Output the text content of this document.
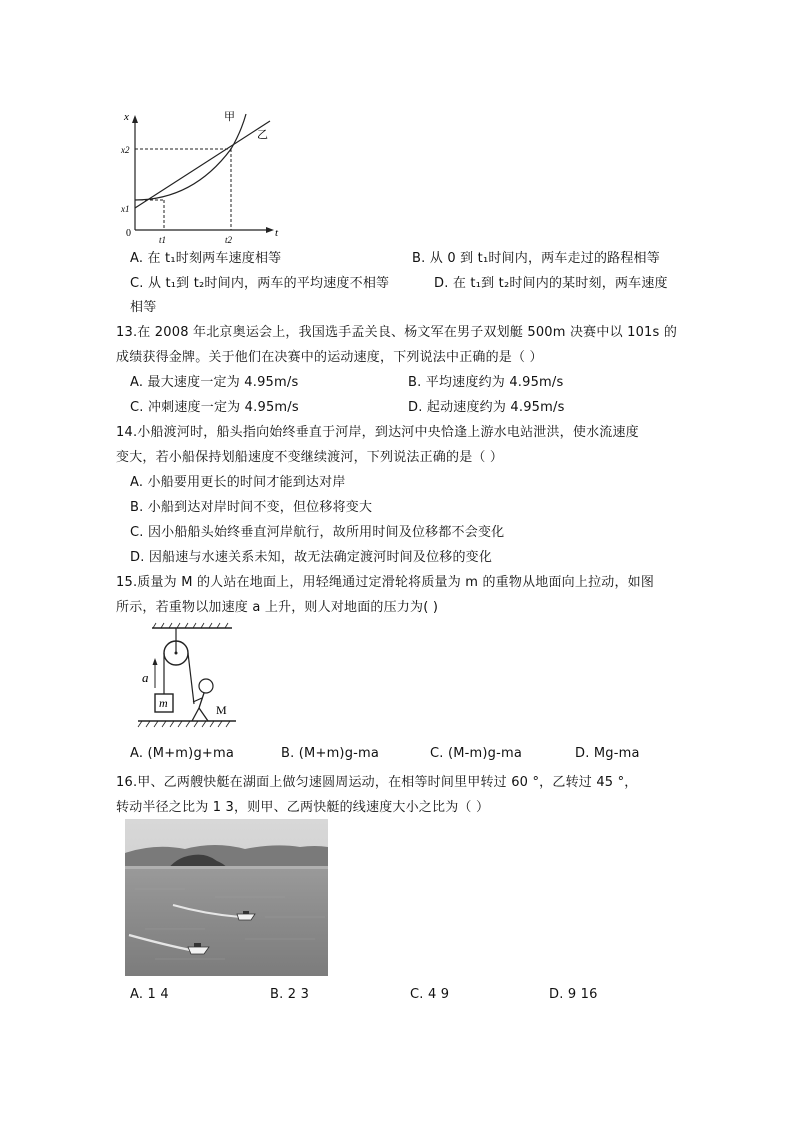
x
t
0
x2
x1
t1	t2
甲
乙
A. 在 t₁时刻两车速度相等	B. 从 0 到 t₁时间内，两车走过的路程相等
C. 从 t₁到 t₂时间内，两车的平均速度不相等	D. 在 t₁到 t₂时间内的某时刻，两车速度
相等
13.在 2008 年北京奥运会上，我国选手孟关良、杨文军在男子双划艇 500m 决赛中以 101s 的
成绩获得金牌。关于他们在决赛中的运动速度，下列说法中正确的是（ ）
A. 最大速度一定为 4.95m/s	B. 平均速度约为 4.95m/s
C. 冲刺速度一定为 4.95m/s	D. 起动速度约为 4.95m/s
14.小船渡河时，船头指向始终垂直于河岸，到达河中央恰逢上游水电站泄洪，使水流速度
变大，若小船保持划船速度不变继续渡河，下列说法正确的是（ ）
A. 小船要用更长的时间才能到达对岸
B. 小船到达对岸时间不变，但位移将变大
C. 因小船船头始终垂直河岸航行，故所用时间及位移都不会变化
D. 因船速与水速关系未知，故无法确定渡河时间及位移的变化
15.质量为 M 的人站在地面上，用轻绳通过定滑轮将质量为 m 的重物从地面向上拉动，如图
所示，若重物以加速度 a 上升，则人对地面的压力为( )
m
a
M
A. (M+m)g+ma	B. (M+m)g-ma	C. (M-m)g-ma	D. Mg-ma
16.甲、乙两艘快艇在湖面上做匀速圆周运动，在相等时间里甲转过 60 °，乙转过 45 °，
转动半径之比为 1 3，则甲、乙两快艇的线速度大小之比为（ ）
A. 1 4	B. 2 3	C. 4 9	D. 9 16
